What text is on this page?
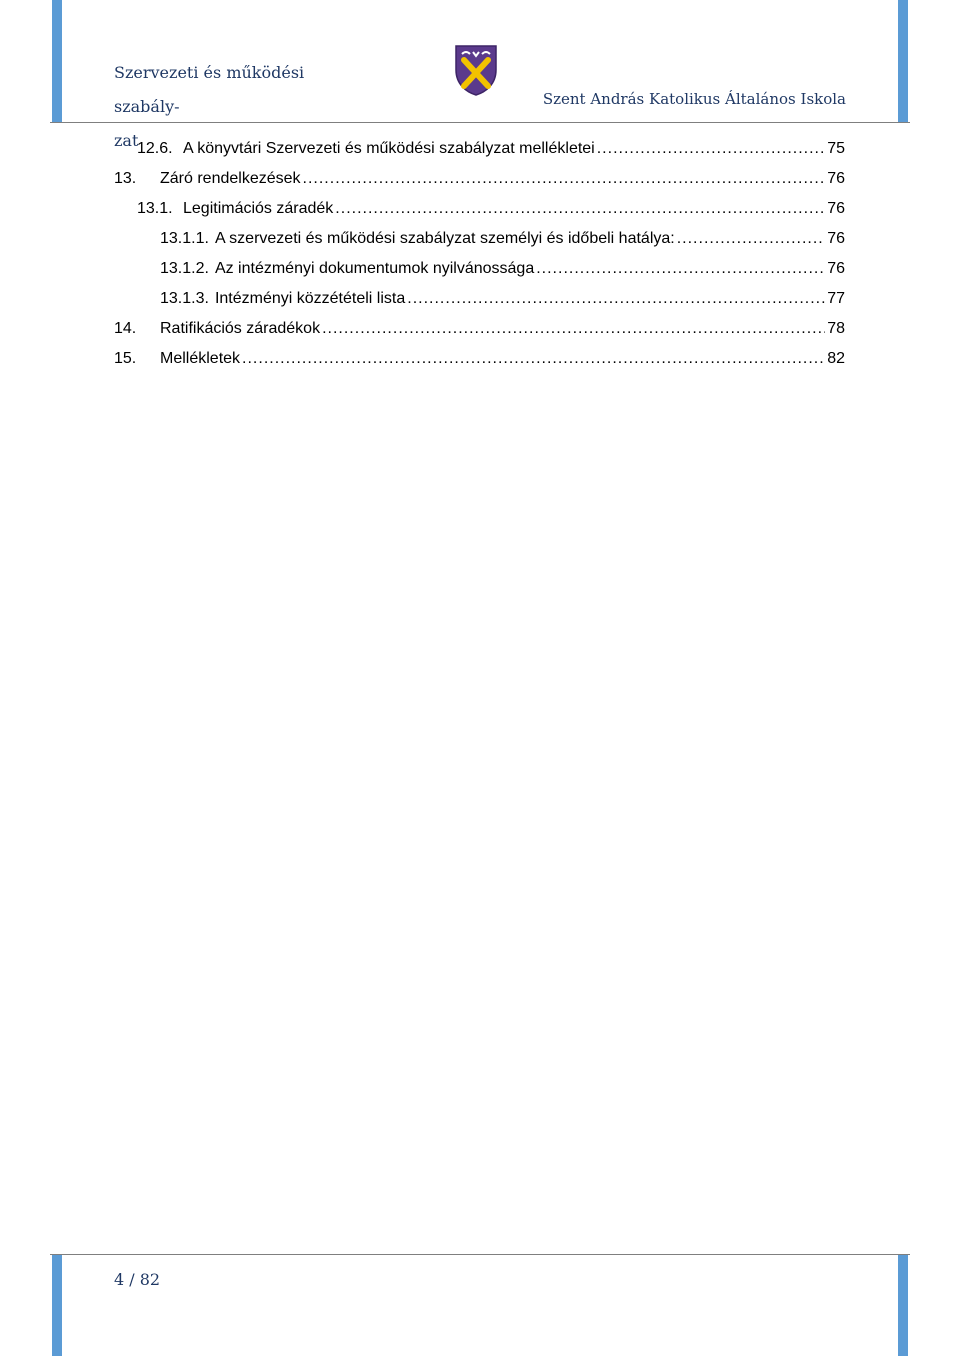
Szervezeti és működési szabály-
zat
Szent András Katolikus Általános Iskola
12.6. A könyvtári Szervezeti és működési szabályzat mellékletei .....	75
13.	Záró rendelkezések .....	76
13.1. Legitimációs záradék .....	76
13.1.1. A szervezeti és működési szabályzat személyi és időbeli hatálya: .....	76
13.1.2. Az intézményi dokumentumok nyilvánossága .....	76
13.1.3. Intézményi közzétételi lista .....	77
14.	Ratifikációs záradékok .....	78
15.	Mellékletek .....	82
4 / 82
